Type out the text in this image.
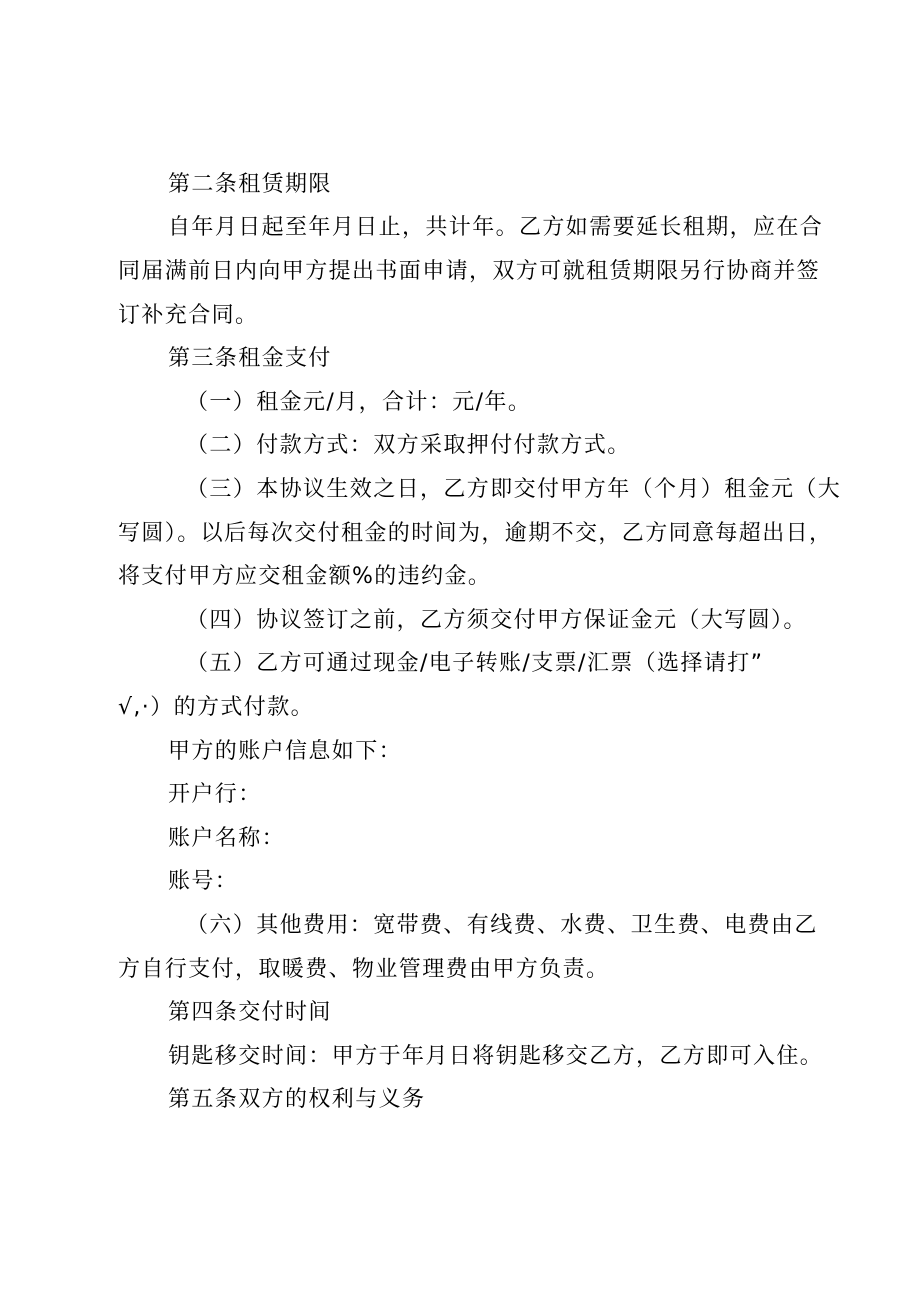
第二条租赁期限
自年月日起至年月日止，共计年。乙方如需要延长租期，应在合
同届满前日内向甲方提出书面申请，双方可就租赁期限另行协商并签
订补充合同。
第三条租金支付
（一）租金元/月，合计：元/年。
（二）付款方式：双方采取押付付款方式。
（三）本协议生效之日，乙方即交付甲方年（个月）租金元（大
写圆）。以后每次交付租金的时间为，逾期不交，乙方同意每超出日，
将支付甲方应交租金额%的违约金。
（四）协议签订之前，乙方须交付甲方保证金元（大写圆）。
（五）乙方可通过现金/电子转账/支票/汇票（选择请打”
√,·）的方式付款。
甲方的账户信息如下：
开户行：
账户名称：
账号：
（六）其他费用：宽带费、有线费、水费、卫生费、电费由乙
方自行支付，取暖费、物业管理费由甲方负责。
第四条交付时间
钥匙移交时间：甲方于年月日将钥匙移交乙方，乙方即可入住。
第五条双方的权利与义务
